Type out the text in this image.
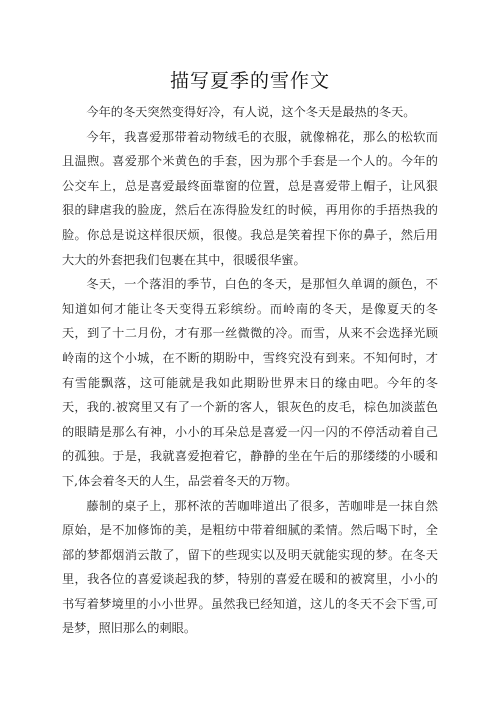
描写夏季的雪作文

今年的冬天突然变得好冷，有人说，这个冬天是最热的冬天。

今年，我喜爱那带着动物绒毛的衣服，就像棉花，那么的松软而且温煦。喜爱那个米黄色的手套，因为那个手套是一个人的。今年的公交车上，总是喜爱最终面靠窗的位置，总是喜爱带上帽子，让风狠狠的肆虐我的脸庞，然后在冻得脸发红的时候，再用你的手捂热我的脸。你总是说这样很厌烦，很傻。我总是笑着捏下你的鼻子，然后用大大的外套把我们包裹在其中，很暖很华蜜。

冬天，一个落泪的季节，白色的冬天，是那恒久单调的颜色，不知道如何才能让冬天变得五彩缤纷。而岭南的冬天，是像夏天的冬天，到了十二月份，才有那一丝微微的冷。而雪，从来不会选择光顾岭南的这个小城，在不断的期盼中，雪终究没有到来。不知何时，才有雪能飘落，这可能就是我如此期盼世界末日的缘由吧。今年的冬天，我的.被窝里又有了一个新的客人，银灰色的皮毛，棕色加淡蓝色的眼睛是那么有神，小小的耳朵总是喜爱一闪一闪的不停活动着自己的孤独。于是，我就喜爱抱着它，静静的坐在午后的那缕缕的小暖和下,体会着冬天的人生，品尝着冬天的万物。

藤制的桌子上，那杯浓的苦咖啡道出了很多，苦咖啡是一抹自然原始，是不加修饰的美，是粗纺中带着细腻的柔情。然后喝下时，全部的梦都烟消云散了，留下的些现实以及明天就能实现的梦。在冬天里，我各位的喜爱谈起我的梦，特别的喜爱在暖和的被窝里，小小的书写着梦境里的小小世界。虽然我已经知道，这儿的冬天不会下雪,可是梦，照旧那么的刺眼。
